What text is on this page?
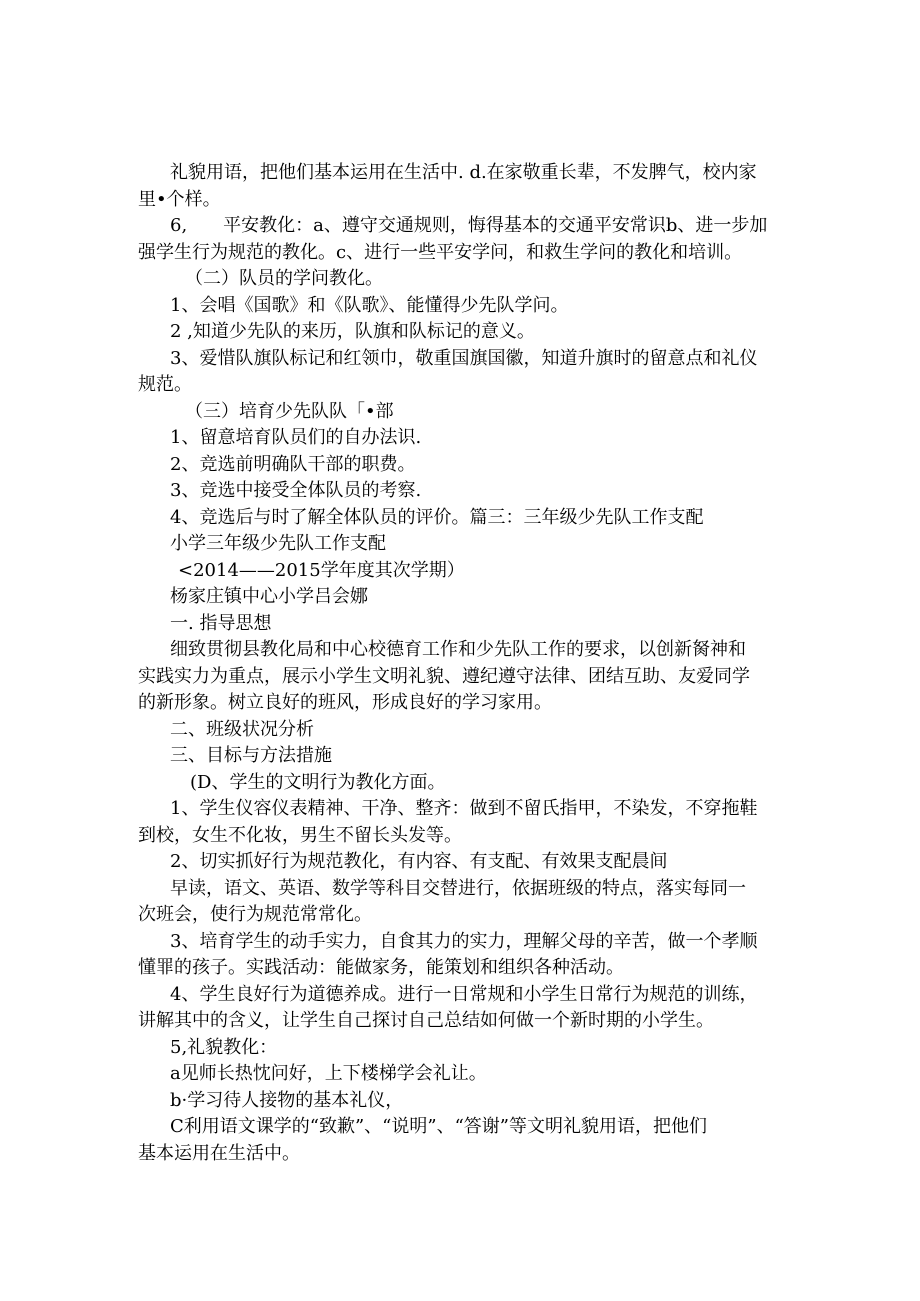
礼貌用语，把他们基本运用在生活中. d.在家敬重长辈，不发脾气，校内家
里•个样。
6,　　平安教化：a、遵守交通规则，悔得基本的交通平安常识b、进一步加
强学生行为规范的教化。c、进行一些平安学问，和救生学问的教化和培训。
（二）队员的学问教化。
1、会唱《国歌》和《队歌》、能懂得少先队学问。
2 ,知道少先队的来历，队旗和队标记的意义。
3、爱惜队旗队标记和红领巾，敬重国旗国徽，知道升旗时的留意点和礼仪
规范。
（三）培育少先队队「•部
1、留意培育队员们的自办法识.
2、竞选前明确队干部的职费。
3、竞选中接受全体队员的考察.
4、竞选后与时了解全体队员的评价。篇三：三年级少先队工作支配
小学三年级少先队工作支配
<2014——2015学年度其次学期）
杨家庄镇中心小学吕会娜
一. 指导思想
细致贯彻县教化局和中心校德育工作和少先队工作的要求，以创新胬神和
实践实力为重点，展示小学生文明礼貌、遵纪遵守法律、团结互助、友爱同学
的新形象。树立良好的班风，形成良好的学习家用。
二、班级状况分析
三、目标与方法措施
(D、学生的文明行为教化方面。
1、学生仪容仪表精神、干净、整齐：做到不留氏指甲，不染发，不穿拖鞋
到校，女生不化妆，男生不留长头发等。
2、切实抓好行为规范教化，有内容、有支配、有效果支配晨间
早读，语文、英语、数学等科目交替进行，依据班级的特点，落实每同一
次班会，使行为规范常常化。
3、培育学生的动手实力，自食其力的实力，理解父母的辛苦，做一个孝顺
懂罪的孩子。实践活动：能做家务，能策划和组织各种活动。
4、学生良好行为道德养成。进行一日常规和小学生日常行为规范的训练，
讲解其中的含义，让学生自己探讨自己总结如何做一个新时期的小学生。
5,礼貌教化：
a见师长热忱问好，上下楼梯学会礼让。
b·学习待人接物的基本礼仪，
C利用语文课学的“致歉”、“说明”、“答谢”等文明礼貌用语，把他们
基本运用在生活中。
